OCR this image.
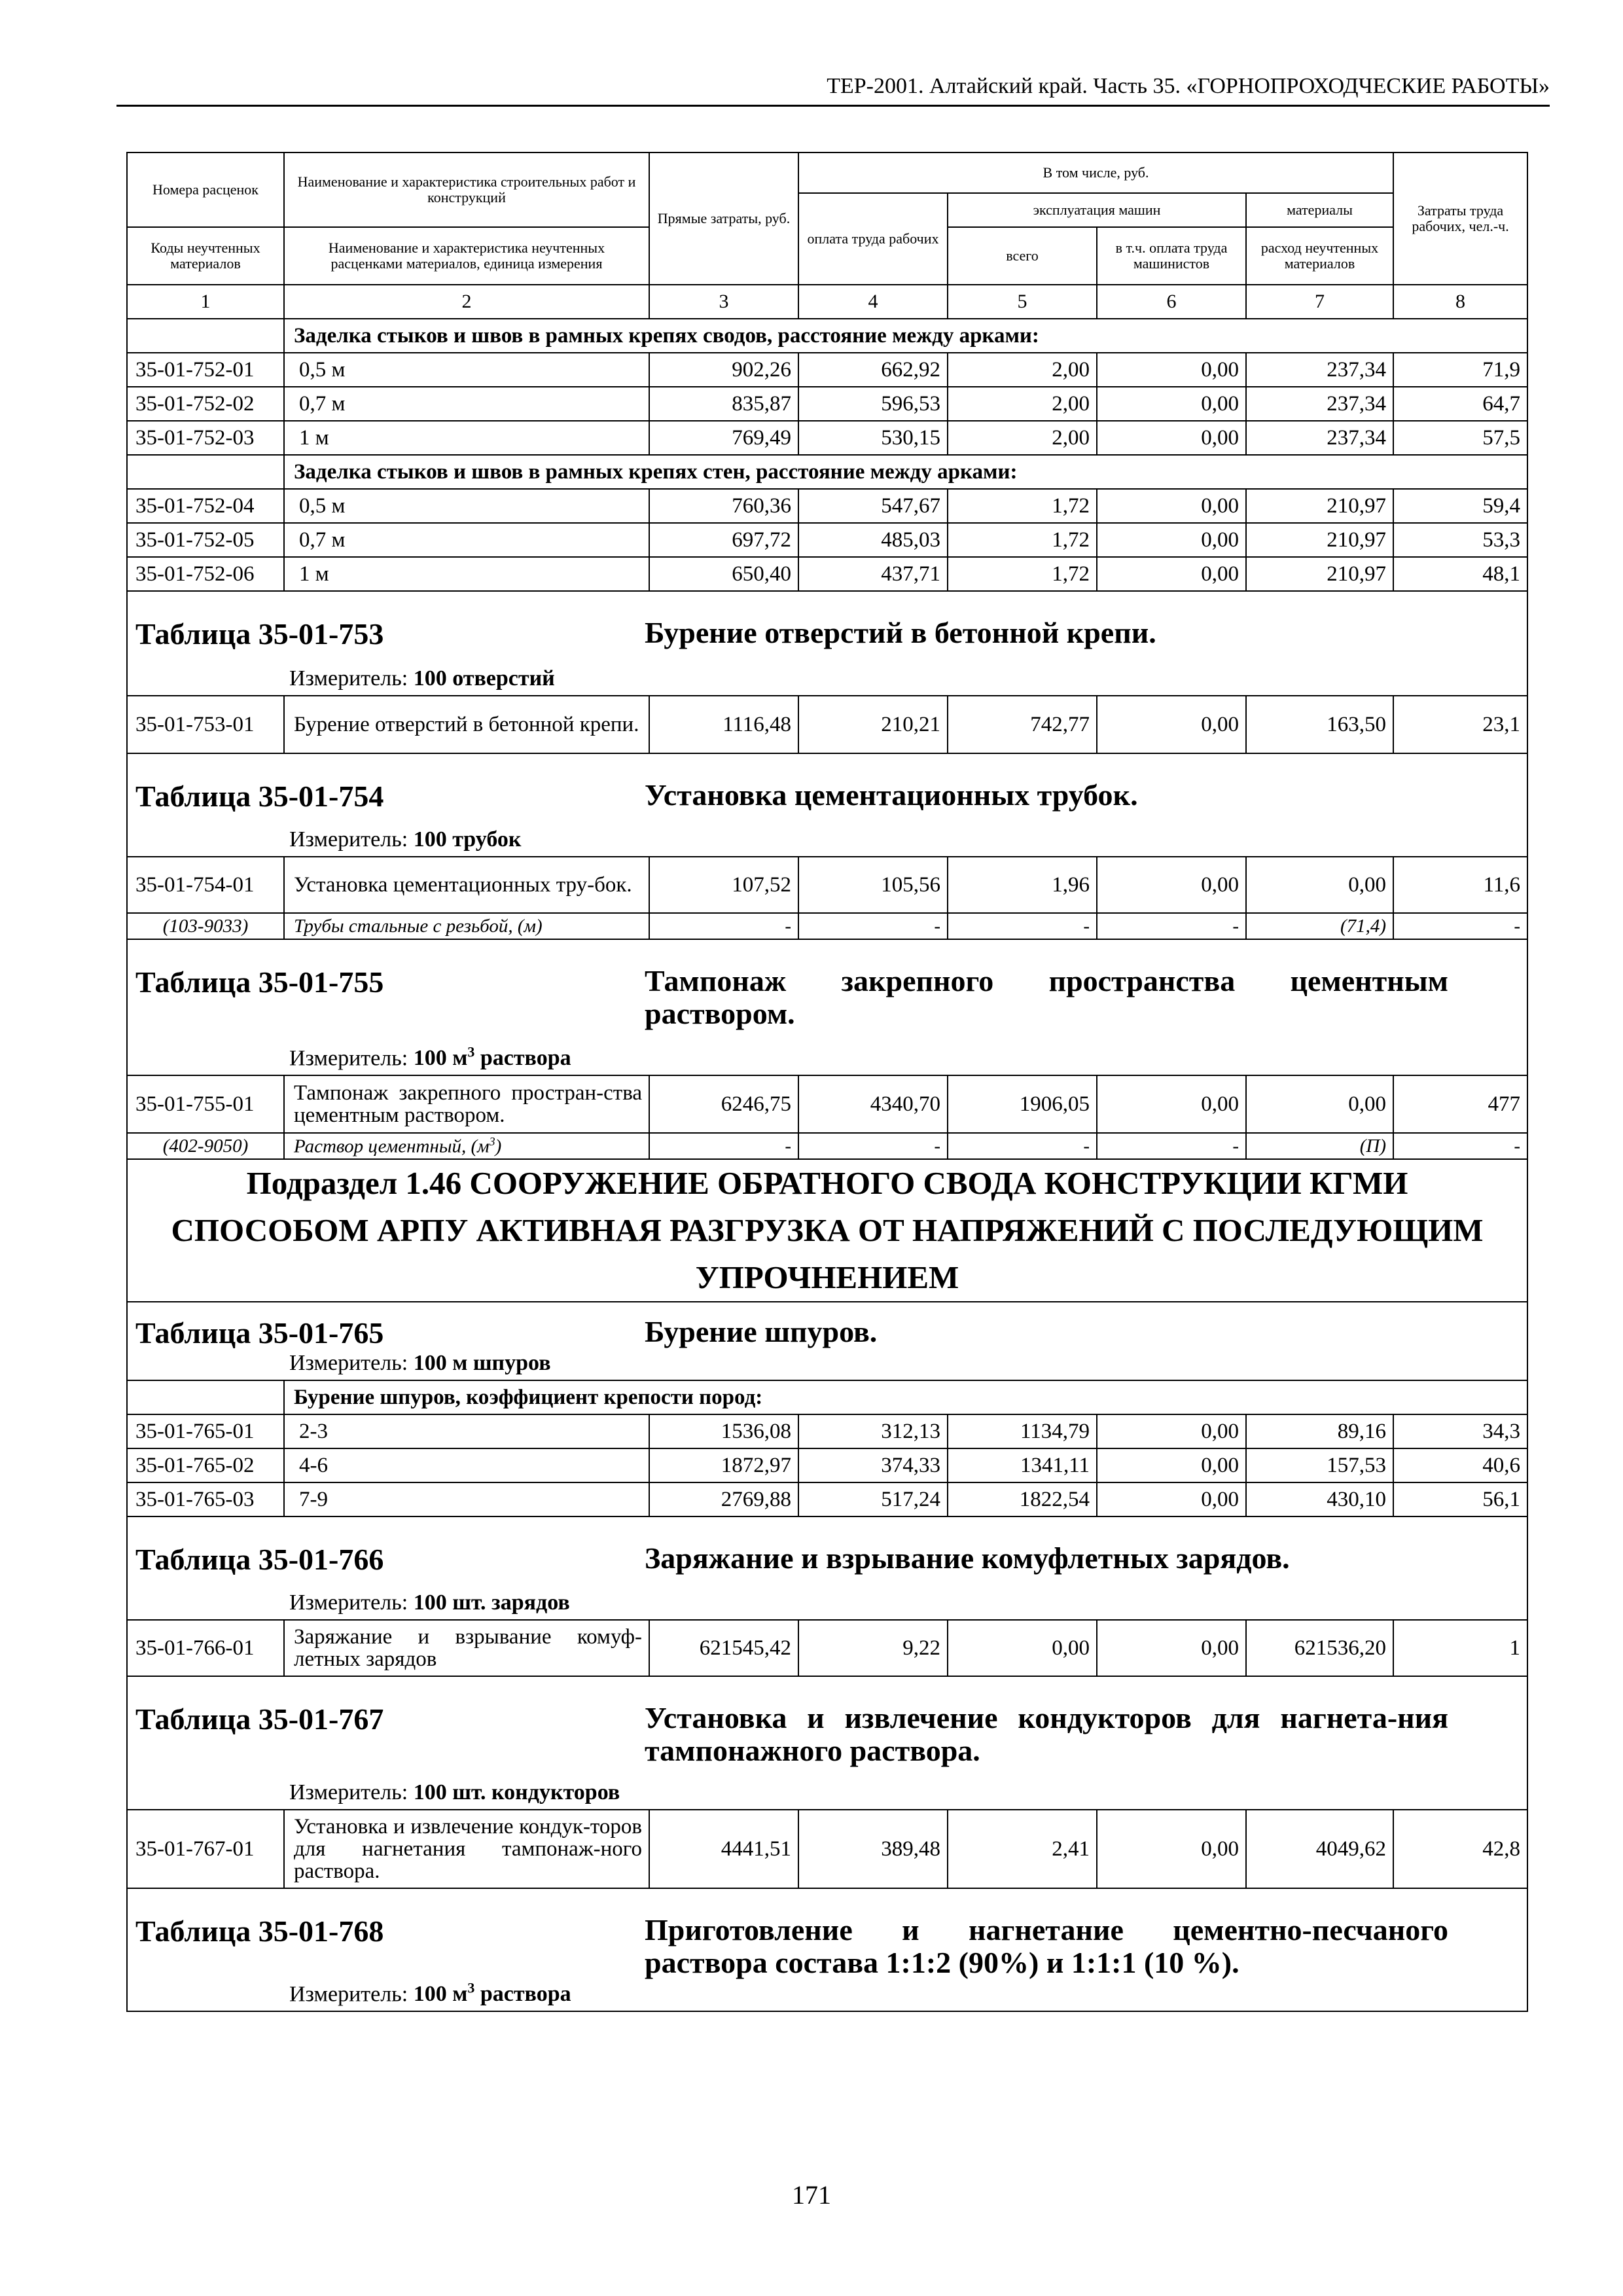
ТЕР-2001. Алтайский край. Часть 35. «ГОРНОПРОХОДЧЕСКИЕ РАБОТЫ»
Номера расценок	Наименование и характеристика строительных работ и конструкций	Прямые затраты, руб.	В том числе, руб.				Затраты труда рабочих, чел.-ч.
			оплата труда рабочих	эксплуатация машин		материалы	
Коды неучтенных материалов	Наименование и характеристика неучтенных расценками материалов, единица измерения			всего	в т.ч. оплата труда машинистов	расход неучтенных материалов	
1	2	3	4	5	6	7	8
	Заделка стыков и швов в рамных крепях сводов, расстояние между арками:						
35-01-752-01	0,5 м	902,26	662,92	2,00	0,00	237,34	71,9
35-01-752-02	0,7 м	835,87	596,53	2,00	0,00	237,34	64,7
35-01-752-03	1 м	769,49	530,15	2,00	0,00	237,34	57,5
	Заделка стыков и швов в рамных крепях стен, расстояние между арками:						
35-01-752-04	0,5 м	760,36	547,67	1,72	0,00	210,97	59,4
35-01-752-05	0,7 м	697,72	485,03	1,72	0,00	210,97	53,3
35-01-752-06	1 м	650,40	437,71	1,72	0,00	210,97	48,1

Таблица 35-01-753 Бурение отверстий в бетонной крепи.
Измеритель: 100 отверстий							

35-01-753-01	Бурение отверстий в бетонной крепи.	1116,48	210,21	742,77	0,00	163,50	23,1

Таблица 35-01-754 Установка цементационных трубок.
Измеритель: 100 трубок							

35-01-754-01	Установка цементационных тру-бок.	107,52	105,56	1,96	0,00	0,00	11,6
(103-9033)	Трубы стальные с резьбой, (м)	-	-	-	-	(71,4)	-

Таблица 35-01-755 Тампонаж закрепного пространства цементным раствором.
Измеритель: 100 $м^3$ раствора							

35-01-755-01	Тампонаж закрепного простран-ства цементным раствором.	6246,75	4340,70	1906,05	0,00	0,00	477
(402-9050)	Раствор цементный, $(м^3)$	-	-	-	-	(П)	-

Подраздел 1.46 СООРУЖЕНИЕ ОБРАТНОГО СВОДА КОНСТРУКЦИИ КГМИ
СПОСОБОМ АРПУ АКТИВНАЯ РАЗГРУЗКА ОТ НАПРЯЖЕНИЙ С ПОСЛЕДУЮЩИМ
УПРОЧНЕНИЕМ							

Таблица 35-01-765 Бурение шпуров.
Измеритель: 100 м шпуров							

	Бурение шпуров, коэффициент крепости пород:						
35-01-765-01	2-3	1536,08	312,13	1134,79	0,00	89,16	34,3
35-01-765-02	4-6	1872,97	374,33	1341,11	0,00	157,53	40,6
35-01-765-03	7-9	2769,88	517,24	1822,54	0,00	430,10	56,1

Таблица 35-01-766 Заряжание и взрывание комуфлетных зарядов.
Измеритель: 100 шт. зарядов							

35-01-766-01	Заряжание и взрывание комуф-летных зарядов	621545,42	9,22	0,00	0,00	621536,20	1

Таблица 35-01-767 Установка и извлечение кондукторов для нагнета-ния тампонажного раствора.
Измеритель: 100 шт. кондукторов							

35-01-767-01	Установка и извлечение кондук-торов для нагнетания тампонаж-ного раствора.	4441,51	389,48	2,41	0,00	4049,62	42,8

Таблица 35-01-768 Приготовление и нагнетание цементно-песчаного раствора состава 1:1:2 (90%) и 1:1:1 (10 %).
Измеритель: 100 $м^3$ раствора							
171
